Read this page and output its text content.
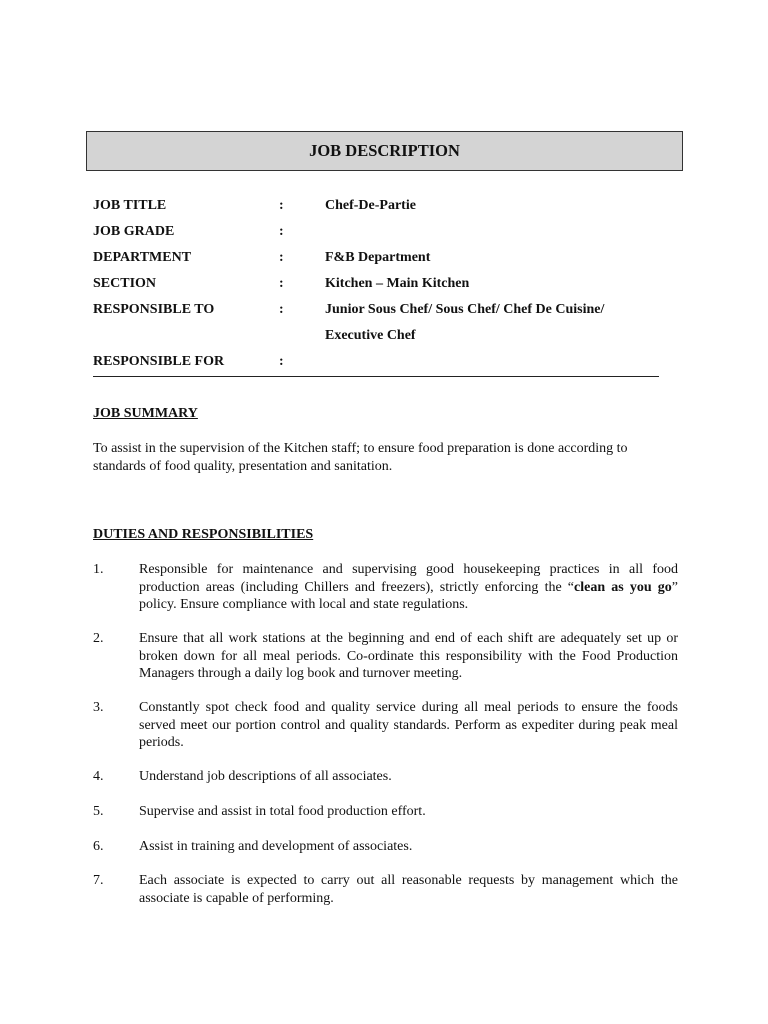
JOB DESCRIPTION
JOB TITLE	:	Chef-De-Partie
JOB GRADE	:
DEPARTMENT	:	F&B Department
SECTION	:	Kitchen – Main Kitchen
RESPONSIBLE TO	:	Junior Sous Chef/ Sous Chef/ Chef De Cuisine/
Executive Chef
RESPONSIBLE FOR	:
JOB SUMMARY
To assist in the supervision of the Kitchen staff; to ensure food preparation is done according to standards of food quality, presentation and sanitation.
DUTIES AND RESPONSIBILITIES
1.	Responsible for maintenance and supervising good housekeeping practices in all food production areas (including Chillers and freezers), strictly enforcing the “clean as you go” policy. Ensure compliance with local and state regulations.
2.	Ensure that all work stations at the beginning and end of each shift are adequately set up or broken down for all meal periods. Co-ordinate this responsibility with the Food Production Managers through a daily log book and turnover meeting.
3.	Constantly spot check food and quality service during all meal periods to ensure the foods served meet our portion control and quality standards. Perform as expediter during peak meal periods.
4.	Understand job descriptions of all associates.
5.	Supervise and assist in total food production effort.
6.	Assist in training and development of associates.
7.	Each associate is expected to carry out all reasonable requests by management which the associate is capable of performing.
